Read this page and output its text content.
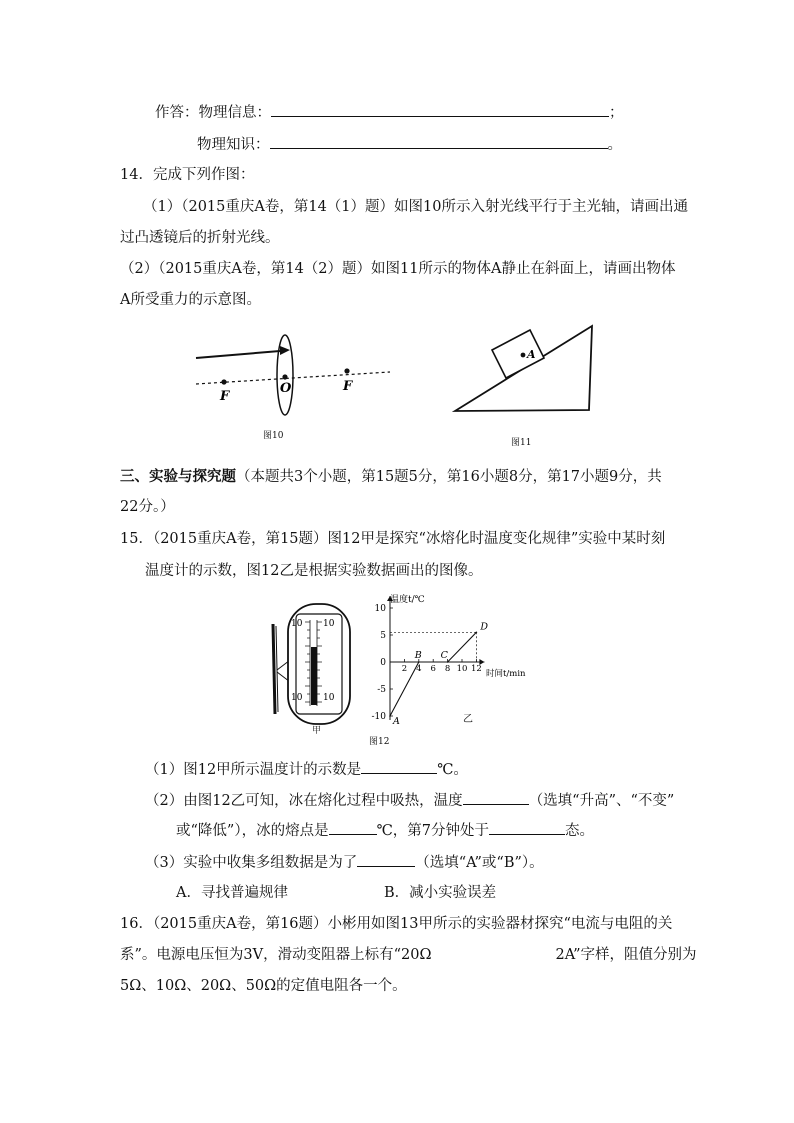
作答：物理信息：	；
物理知识：	。
14．完成下列作图：
（1）（2015重庆A卷，第14（1）题）如图10所示入射光线平行于主光轴，请画出通
过凸透镜后的折射光线。
（2）（2015重庆A卷，第14（2）题）如图11所示的物体A静止在斜面上，请画出物体
A所受重力的示意图。
F
O	F
图10
A
图11
三、实验与探究题（本题共3个小题，第15题5分，第16小题8分，第17小题9分，共
22分。）
15．（2015重庆A卷，第15题）图12甲是探究“冰熔化时温度变化规律”实验中某时刻
温度计的示数，图12乙是根据实验数据画出的图像。
10 10
10 10
甲
图12
乙
10
5
0
-5
-10
2 4 6 8 10 12
A
B C
D
温度t/℃
时间t/min
（1）图12甲所示温度计的示数是	℃。
（2）由图12乙可知，冰在熔化过程中吸热，温度	（选填“升高”、“不变”
或“降低”），冰的熔点是	℃，第7分钟处于	态。
（3）实验中收集多组数据是为了	（选填“A”或“B”）。
A．寻找普遍规律	B．减小实验误差
16．（2015重庆A卷，第16题）小彬用如图13甲所示的实验器材探究“电流与电阻的关
系”。电源电压恒为3V，滑动变阻器上标有“20Ω	2A”字样，阻值分别为
5Ω、10Ω、20Ω、50Ω的定值电阻各一个。
